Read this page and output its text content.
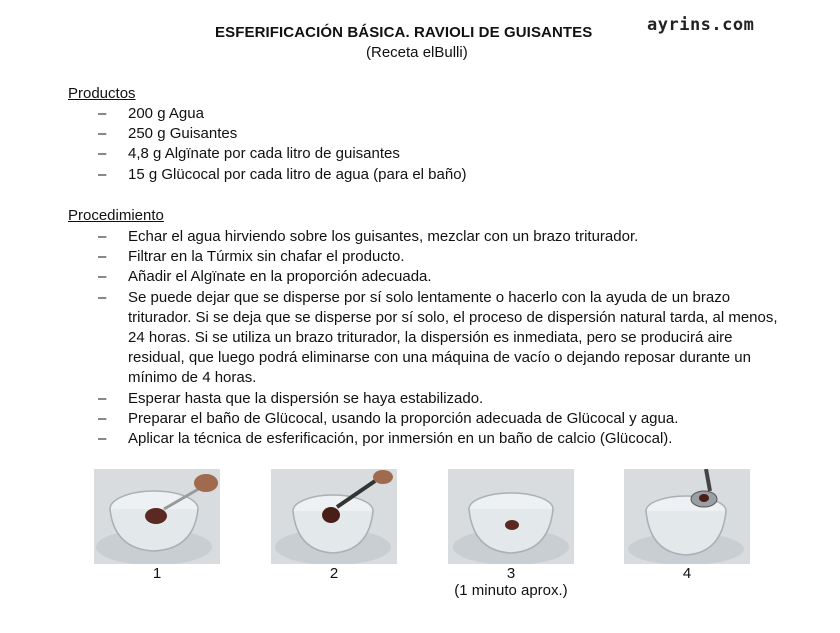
ESFERIFICACIÓN BÁSICA. RAVIOLI DE GUISANTES
(Receta elBulli)
ayrins.com
Productos
– 200 g Agua
– 250 g Guisantes
– 4,8 g Algïnate por cada litro de guisantes
– 15 g Glücocal por cada litro de agua (para el baño)
Procedimiento
– Echar el agua hirviendo sobre los guisantes, mezclar con un brazo triturador.
– Filtrar en la Túrmix sin chafar el producto.
– Añadir el Algïnate en la proporción adecuada.
– Se puede dejar que se disperse por sí solo lentamente o hacerlo con la ayuda de un brazo triturador. Si se deja que se disperse por sí solo, el proceso de dispersión natural tarda, al menos, 24 horas. Si se utiliza un brazo triturador, la dispersión es inmediata, pero se producirá aire residual, que luego podrá eliminarse con una máquina de vacío o dejando reposar durante un mínimo de 4 horas.
– Esperar hasta que la dispersión se haya estabilizado.
– Preparar el baño de Glücocal, usando la proporción adecuada de Glücocal y agua.
– Aplicar la técnica de esferificación, por inmersión en un baño de calcio (Glücocal).
1	2	3
(1 minuto aprox.)
4
